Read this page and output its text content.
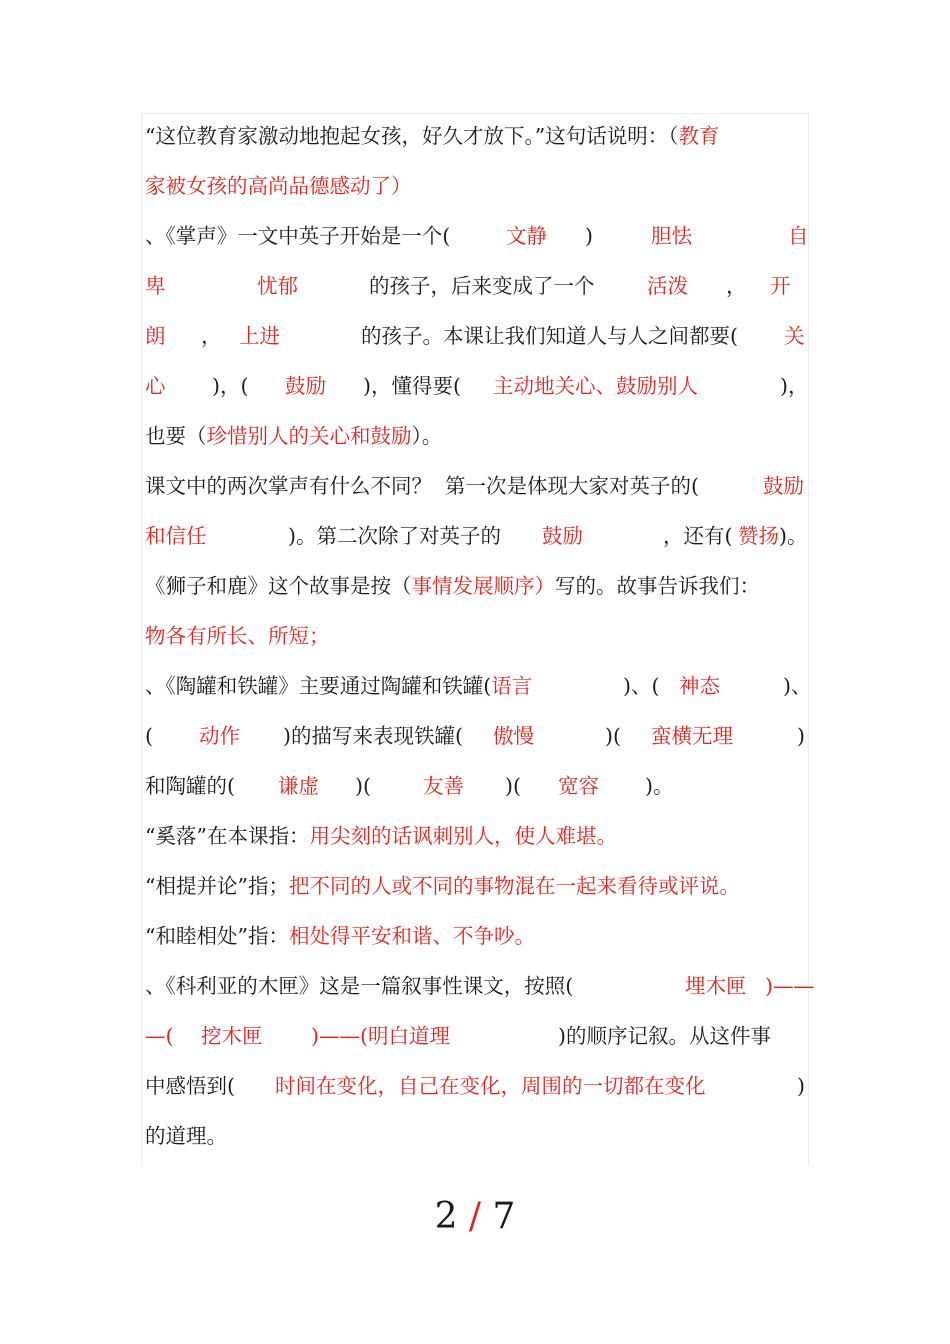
“这位教育家激动地抱起女孩，好久才放下。”这句话说明：（教育
家被女孩的高尚品德感动了）
、《掌声》一文中英子开始是一个(	文静 )	胆怯	自
卑	忧郁	的孩子，后来变成了一个	活泼 ， 开
朗 ， 上进	的孩子。本课让我们知道人与人之间都要( 关
心 )，( 鼓励 )，懂得要( 主动地关心、鼓励别人	)，
也要（珍惜别人的关心和鼓励）。
课文中的两次掌声有什么不同？  第一次是体现大家对英子的(	鼓励
和信任	)。第二次除了对英子的 鼓励	，还有( 赞扬 )。
《狮子和鹿》这个故事是按（事情发展顺序）写的。故事告诉我们：
物各有所长、所短；
、《陶罐和铁罐》主要通过陶罐和铁罐(语言	)、( 神态	)、
( 动作 )的描写来表现铁罐( 傲慢	)( 蛮横无理	)
和陶罐的( 谦虚 )(	友善 )( 宽容 )。
“奚落”在本课指：用尖刻的话讽刺别人，使人难堪。
“相提并论”指；把不同的人或不同的事物混在一起来看待或评说。
“和睦相处”指：相处得平安和谐、不争吵。
、《科利亚的木匣》这是一篇叙事性课文，按照(	埋木匣 )——
—( 挖木匣 )——(明白道理	)的顺序记叙。从这件事
中感悟到( 时间在变化，自己在变化，周围的一切都在变化	)
的道理。
2 / 7
